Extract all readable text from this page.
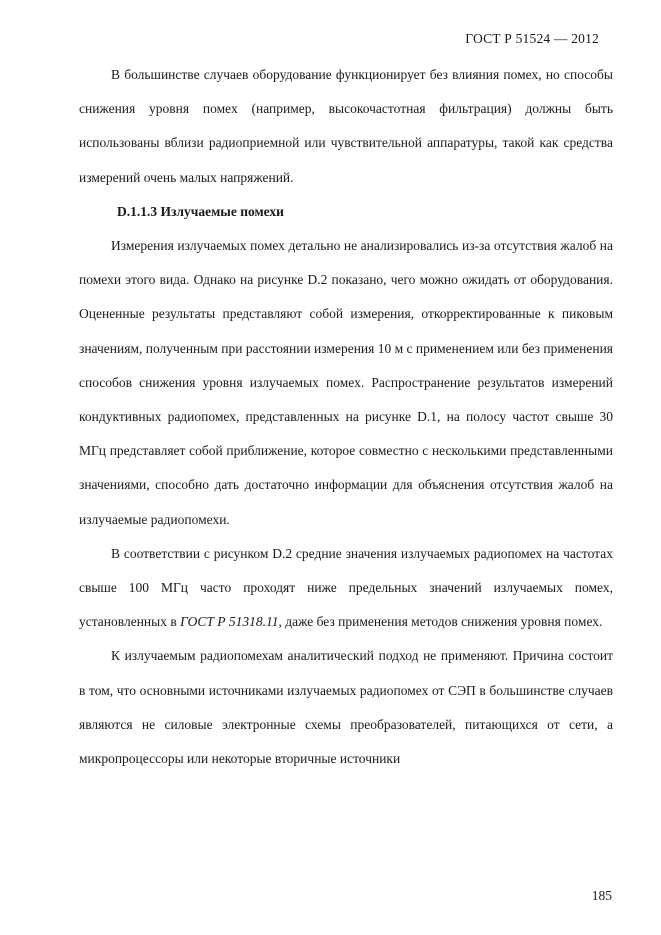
ГОСТ Р 51524 — 2012

В большинстве случаев оборудование функционирует без влияния помех, но способы снижения уровня помех (например, высокочастотная фильтрация) должны быть использованы вблизи радиоприемной или чувствительной аппаратуры, такой как средства измерений очень малых напряжений.

D.1.1.3 Излучаемые помехи

Измерения излучаемых помех детально не анализировались из-за отсутствия жалоб на помехи этого вида. Однако на рисунке D.2 показано, чего можно ожидать от оборудования. Оцененные результаты представляют собой измерения, откорректированные к пиковым значениям, полученным при расстоянии измерения 10 м с применением или без применения способов снижения уровня излучаемых помех. Распространение результатов измерений кондуктивных радиопомех, представленных на рисунке D.1, на полосу частот свыше 30 МГц представляет собой приближение, которое совместно с несколькими представленными значениями, способно дать достаточно информации для объяснения отсутствия жалоб на излучаемые радиопомехи.

В соответствии с рисунком D.2 средние значения излучаемых радиопомех на частотах свыше 100 МГц часто проходят ниже предельных значений излучаемых помех, установленных в ГОСТ Р 51318.11, даже без применения методов снижения уровня помех.

К излучаемым радиопомехам аналитический подход не применяют. Причина состоит в том, что основными источниками излучаемых радиопомех от СЭП в большинстве случаев являются не силовые электронные схемы преобразователей, питающихся от сети, а микропроцессоры или некоторые вторичные источники

185
